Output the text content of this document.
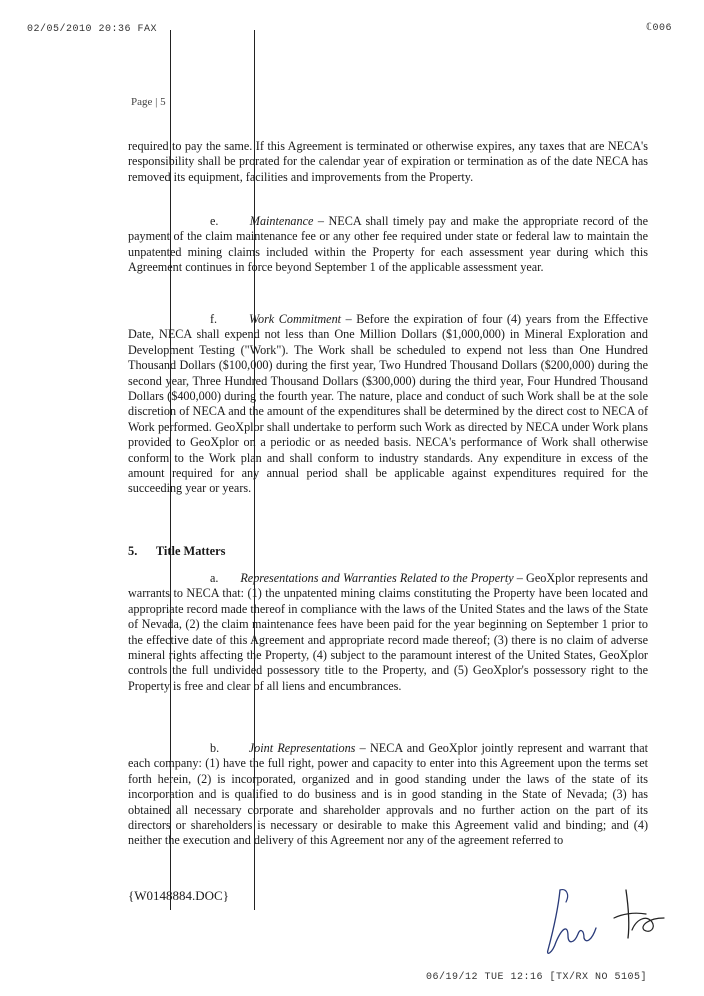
02/05/2010 20:36 FAX	ℂ006
Page | 5

required to pay the same. If this Agreement is terminated or otherwise expires, any taxes that are NECA's responsibility shall be prorated for the calendar year of expiration or termination as of the date NECA has removed its equipment, facilities and improvements from the Property.

e.	Maintenance – NECA shall timely pay and make the appropriate record of the payment of the claim maintenance fee or any other fee required under state or federal law to maintain the unpatented mining claims included within the Property for each assessment year during which this Agreement continues in force beyond September 1 of the applicable assessment year.

f.	Work Commitment – Before the expiration of four (4) years from the Effective Date, NECA shall expend not less than One Million Dollars ($1,000,000) in Mineral Exploration and Development Testing ("Work"). The Work shall be scheduled to expend not less than One Hundred Thousand Dollars ($100,000) during the first year, Two Hundred Thousand Dollars ($200,000) during the second year, Three Hundred Thousand Dollars ($300,000) during the third year, Four Hundred Thousand Dollars ($400,000) during the fourth year. The nature, place and conduct of such Work shall be at the sole discretion of NECA and the amount of the expenditures shall be determined by the direct cost to NECA of Work performed. GeoXplor shall undertake to perform such Work as directed by NECA under Work plans provided to GeoXplor on a periodic or as needed basis. NECA's performance of Work shall otherwise conform to the Work plan and shall conform to industry standards. Any expenditure in excess of the amount required for any annual period shall be applicable against expenditures required for the succeeding year or years.

5. Title Matters

a. Representations and Warranties Related to the Property – GeoXplor represents and warrants to NECA that: (1) the unpatented mining claims constituting the Property have been located and appropriate record made thereof in compliance with the laws of the United States and the laws of the State of Nevada, (2) the claim maintenance fees have been paid for the year beginning on September 1 prior to the effective date of this Agreement and appropriate record made thereof; (3) there is no claim of adverse mineral rights affecting the Property, (4) subject to the paramount interest of the United States, GeoXplor controls the full undivided possessory title to the Property, and (5) GeoXplor's possessory right to the Property is free and clear of all liens and encumbrances.

b. Joint Representations – NECA and GeoXplor jointly represent and warrant that each company: (1) have the full right, power and capacity to enter into this Agreement upon the terms set forth herein, (2) is incorporated, organized and in good standing under the laws of the state of its incorporation and is qualified to do business and is in good standing in the State of Nevada; (3) has obtained all necessary corporate and shareholder approvals and no further action on the part of its directors or shareholders is necessary or desirable to make this Agreement valid and binding; and (4) neither the execution and delivery of this Agreement nor any of the agreement referred to

{W0148884.DOC}
06/19/12 TUE 12:16 [TX/RX NO 5105]
